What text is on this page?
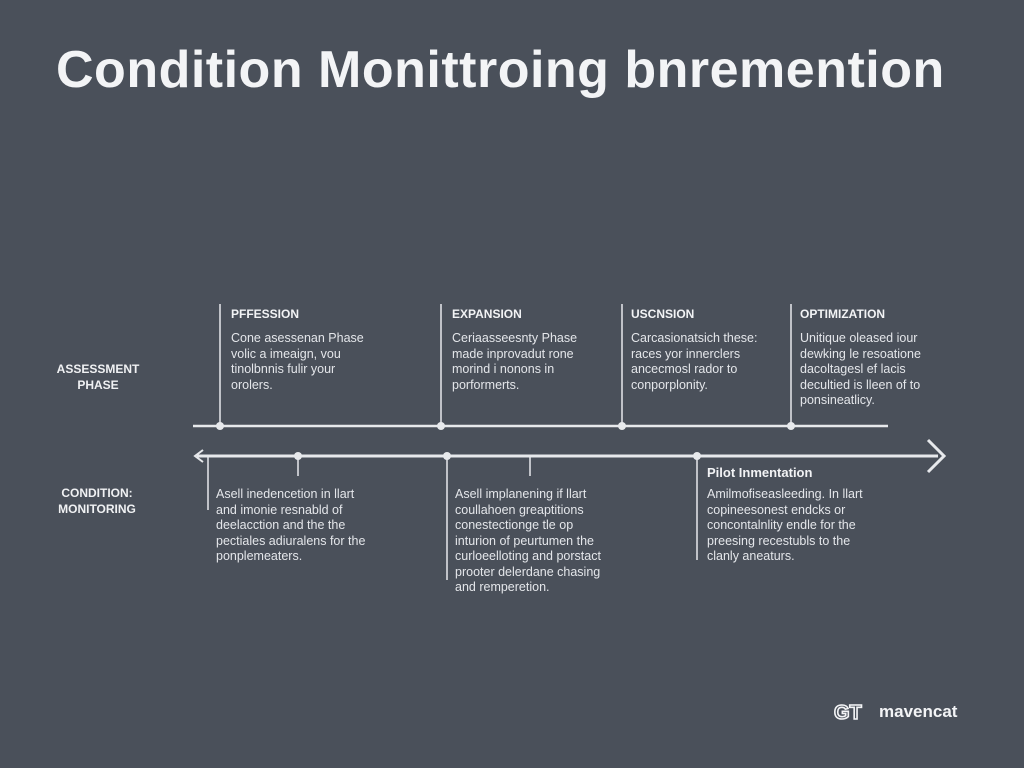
Condition Monittroing bnremention
ASSESSMENT
PHASE
CONDITION:
MONITORING
PFFESSION
Cone asessenan Phase
volic a imeaign, vou
tinolbnnis fulir your
orolers.
EXPANSION
Ceriaasseesnty Phase
made inprovadut rone
morind i nonons in
porformerts.
USCNSION
Carcasionatsich these:
races yor innerclers
ancecmosl rador to
conporplonity.
OPTIMIZATION
Unitique oleased iour
dewking le resoatione
dacoltagesl ef lacis
decultied is lleen of to
ponsineatlicy.
Asell inedencetion in llart
and imonie resnabld of
deelacction and the the
pectiales adiuralens for the
ponplemeaters.
Asell implanening if llart
coullahoen greaptitions
conestectionge tle op
inturion of peurtumen the
curloeelloting and porstact
prooter delerdane chasing
and remperetion.
Pilot Inmentation
Amilmofiseasleeding. In llart
copineesonest endcks or
concontalnlity endle for the
preesing recestubls to the
clanly aneaturs.
GT mavencat
